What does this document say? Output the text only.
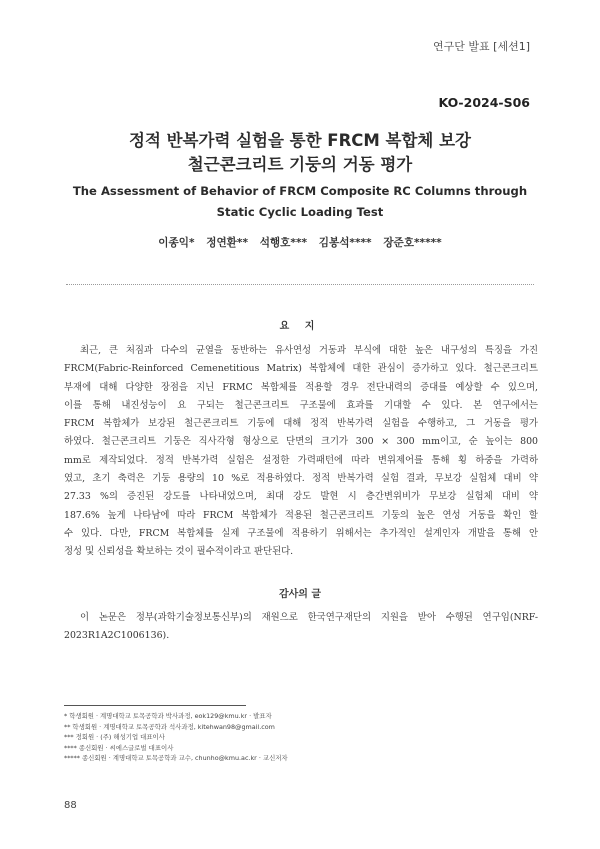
연구단 발표 [세션1]
KO-2024-S06
정적 반복가력 실험을 통한 FRCM 복합체 보강
철근콘크리트 기둥의 거동 평가
The Assessment of Behavior of FRCM Composite RC Columns through
Static Cyclic Loading Test
이종익* 정연환** 석행호*** 김봉석**** 장준호*****
요 지
최근, 큰 처짐과 다수의 균열을 동반하는 유사연성 거동과 부식에 대한 높은 내구성의 특징을 가진
FRCM(Fabric-Reinforced Cemenetitious Matrix) 복합체에 대한 관심이 증가하고 있다. 철근콘크리트
부재에 대해 다양한 장점을 지닌 FRMC 복합체를 적용할 경우 전단내력의 증대를 예상할 수 있으며,
이를 통해 내진성능이 요 구되는 철근콘크리트 구조물에 효과를 기대할 수 있다. 본 연구에서는
FRCM 복합체가 보강된 철근콘크리트 기둥에 대해 정적 반복가력 실험을 수행하고, 그 거동을 평가
하였다. 철근콘크리트 기둥은 직사각형 형상으로 단면의 크기가 300 × 300 mm이고, 순 높이는 800
mm로 제작되었다. 정적 반복가력 실험은 설정한 가력패턴에 따라 변위제어를 통해 횡 하중을 가력하
였고, 초기 축력은 기둥 용량의 10 %로 적용하였다. 정적 반복가력 실험 결과, 무보강 실험체 대비 약
27.33 %의 증진된 강도를 나타내었으며, 최대 강도 발현 시 층간변위비가 무보강 실험체 대비 약
187.6% 높게 나타남에 따라 FRCM 복합체가 적용된 철근콘크리트 기둥의 높은 연성 거동을 확인 할
수 있다. 다만, FRCM 복합체를 실제 구조물에 적용하기 위해서는 추가적인 설계인자 개발을 통해 안
정성 및 신뢰성을 확보하는 것이 필수적이라고 판단된다.
감사의 글
이 논문은 정부(과학기술정보통신부)의 재원으로 한국연구재단의 지원을 받아 수행된 연구임(NRF-
2023R1A2C1006136).
* 학생회원 · 계명대학교 토목공학과 박사과정, eok129@kmu.kr · 발표자
** 학생회원 · 계명대학교 토목공학과 석사과정, kitehwan98@gmail.com
*** 정회원 · (주) 해성기업 대표이사
**** 종신회원 · 씨에스글로벌 대표이사
***** 종신회원 · 계명대학교 토목공학과 교수, chunho@kmu.ac.kr · 교신저자
88
